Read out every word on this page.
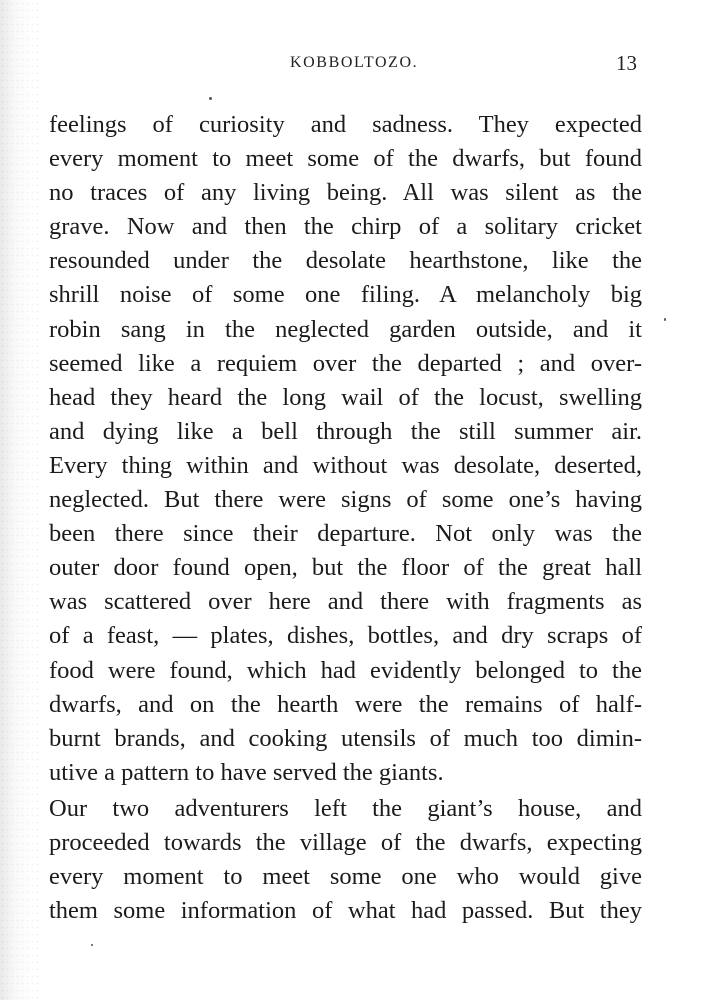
KOBBOLTOZO.	13
feelings of curiosity and sadness. They expected
every moment to meet some of the dwarfs, but found
no traces of any living being. All was silent as the
grave. Now and then the chirp of a solitary cricket
resounded under the desolate hearthstone, like the
shrill noise of some one filing. A melancholy big
robin sang in the neglected garden outside, and it
seemed like a requiem over the departed ; and over-
head they heard the long wail of the locust, swelling
and dying like a bell through the still summer air.
Every thing within and without was desolate, deserted,
neglected. But there were signs of some one’s having
been there since their departure. Not only was the
outer door found open, but the floor of the great hall
was scattered over here and there with fragments as
of a feast, — plates, dishes, bottles, and dry scraps of
food were found, which had evidently belonged to the
dwarfs, and on the hearth were the remains of half-
burnt brands, and cooking utensils of much too dimin-
utive a pattern to have served the giants.
Our two adventurers left the giant’s house, and
proceeded towards the village of the dwarfs, expecting
every moment to meet some one who would give
them some information of what had passed. But they
